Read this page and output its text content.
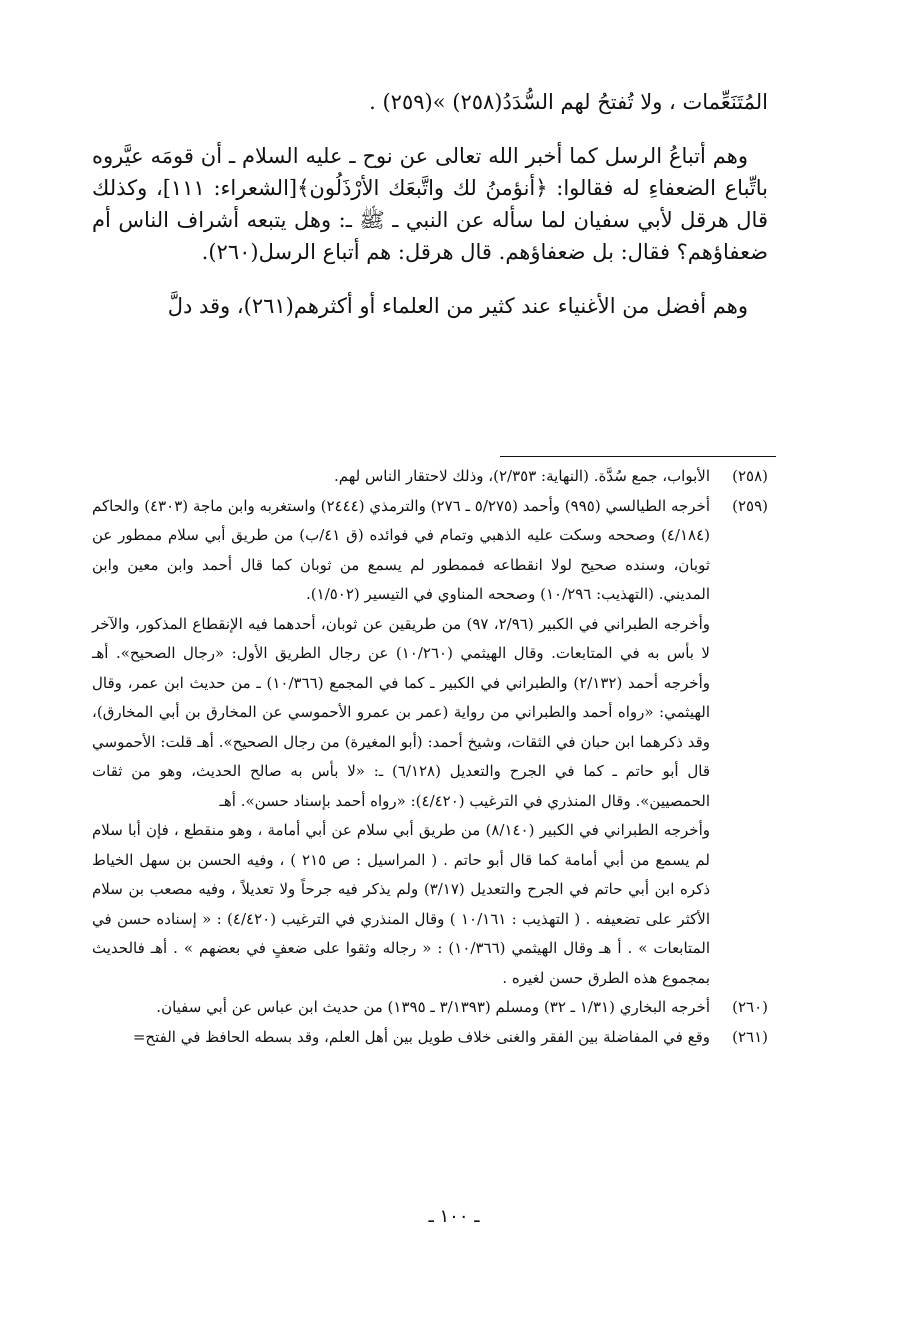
المُتَنَعِّمات ، ولا تُفتحُ لهم السُّدَدُ(٢٥٨) »(٢٥٩) .

وهم أتباعُ الرسل كما أخبر الله تعالى عن نوح ـ عليه السلام ـ أن قومَه عيَّروه باتِّباع الضعفاءِ له فقالوا: ﴿أنؤمنُ لك واتَّبعَك الأرْذَلُون﴾[الشعراء: ١١١]، وكذلك قال هرقل لأبي سفيان لما سأله عن النبي ـ ﷺ ـ: وهل يتبعه أشراف الناس أم ضعفاؤهم؟ فقال: بل ضعفاؤهم. قال هرقل: هم أتباع الرسل(٢٦٠).

وهم أفضل من الأغنياء عند كثير من العلماء أو أكثرهم(٢٦١)، وقد دلَّ

(٢٥٨)

الأبواب، جمع سُدَّة. (النهاية: ٢/٣٥٣)، وذلك لاحتقار الناس لهم.

(٢٥٩)

أخرجه الطيالسي (٩٩٥) وأحمد (٥/٢٧٥ ـ ٢٧٦) والترمذي (٢٤٤٤) واستغربه وابن ماجة (٤٣٠٣) والحاكم (٤/١٨٤) وصححه وسكت عليه الذهبي وتمام في فوائده (ق ٤١/ب) من طريق أبي سلام ممطور عن ثوبان، وسنده صحيح لولا انقطاعه فممطور لم يسمع من ثوبان كما قال أحمد وابن معين وابن المديني. (التهذيب: ١٠/٢٩٦) وصححه المناوي في التيسير (١/٥٠٢).

وأخرجه الطبراني في الكبير (٢/٩٦، ٩٧) من طريقين عن ثوبان، أحدهما فيه الإنقطاع المذكور، والآخر لا بأس به في المتابعات. وقال الهيثمي (١٠/٢٦٠) عن رجال الطريق الأول: «رجال الصحيح». أهـ وأخرجه أحمد (٢/١٣٢) والطبراني في الكبير ـ كما في المجمع (١٠/٣٦٦) ـ من حديث ابن عمر، وقال الهيثمي: «رواه أحمد والطبراني من رواية (عمر بن عمرو الأحموسي عن المخارق بن أبي المخارق)، وقد ذكرهما ابن حبان في الثقات، وشيخ أحمد: (أبو المغيرة) من رجال الصحيح». أهـ قلت: الأحموسي قال أبو حاتم ـ كما في الجرح والتعديل (٦/١٢٨) ـ: «لا بأس به صالح الحديث، وهو من ثقات الحمصيين». وقال المنذري في الترغيب (٤/٤٢٠): «رواه أحمد بإسناد حسن». أهـ

وأخرجه الطبراني في الكبير (٨/١٤٠) من طريق أبي سلام عن أبي أمامة ، وهو منقطع ، فإن أبا سلام لم يسمع من أبي أمامة كما قال أبو حاتم . ( المراسيل : ص ٢١٥ ) ، وفيه الحسن بن سهل الخياط ذكره ابن أبي حاتم في الجرح والتعديل (٣/١٧) ولم يذكر فيه جرحاً ولا تعديلاً ، وفيه مصعب بن سلام الأكثر على تضعيفه . ( التهذيب : ١٠/١٦١ ) وقال المنذري في الترغيب (٤/٤٢٠) : « إسناده حسن في المتابعات » . أ هـ وقال الهيثمي (١٠/٣٦٦) : « رجاله وثقوا على ضعفٍ في بعضهم » . أهـ فالحديث بمجموع هذه الطرق حسن لغيره .

(٢٦٠)

أخرجه البخاري (١/٣١ ـ ٣٢) ومسلم (٣/١٣٩٣ ـ ١٣٩٥) من حديث ابن عباس عن أبي سفيان.

(٢٦١)

وقع في المفاضلة بين الفقر والغنى خلاف طويل بين أهل العلم، وقد بسطه الحافظ في الفتح=

ـ ١٠٠ ـ
